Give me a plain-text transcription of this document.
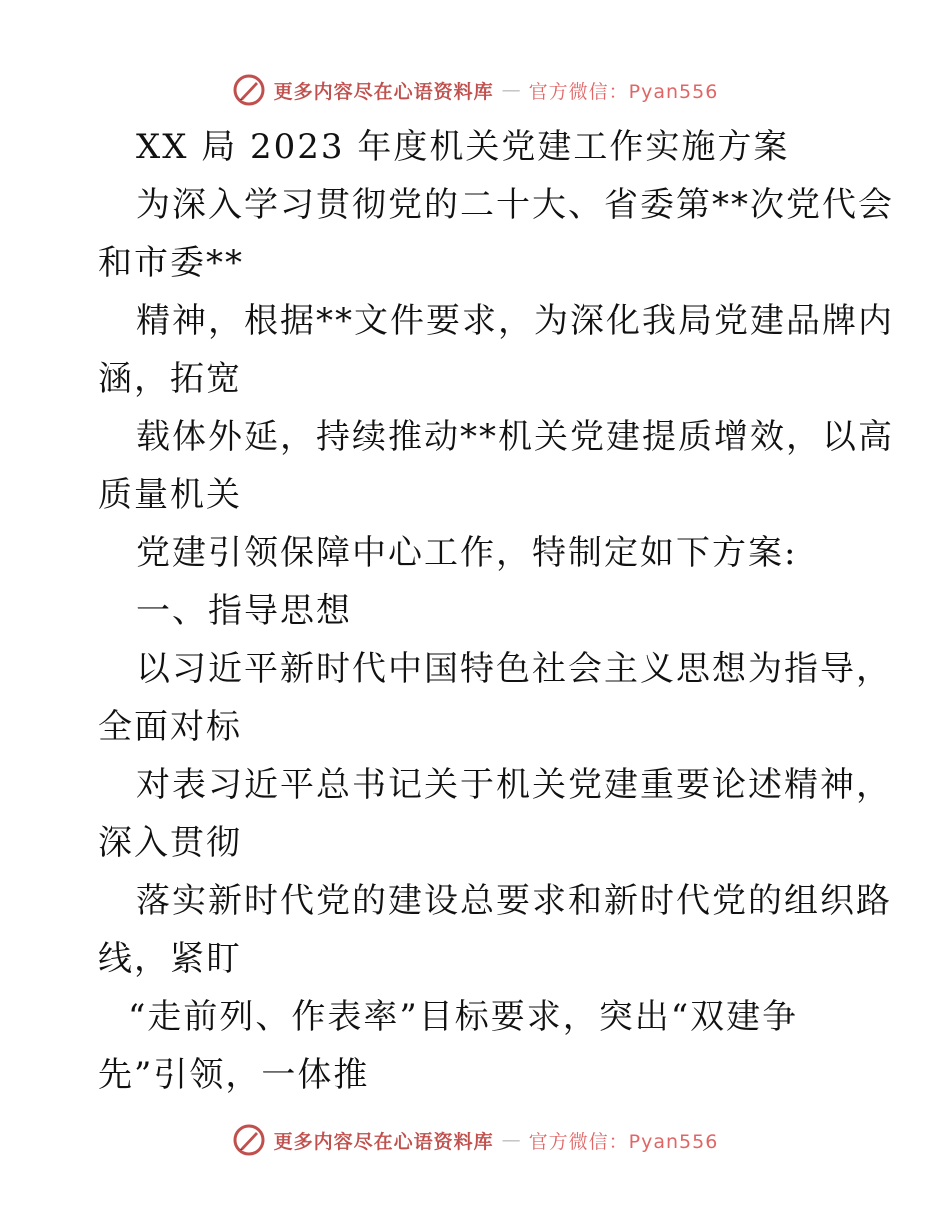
更多内容尽在心语资料库 — 官方微信：Pyan556
XX 局 2023 年度机关党建工作实施方案
为深入学习贯彻党的二十大、省委第**次党代会
和市委**
精神，根据**文件要求，为深化我局党建品牌内
涵，拓宽
载体外延，持续推动**机关党建提质增效，以高
质量机关
党建引领保障中心工作，特制定如下方案:
一、指导思想
以习近平新时代中国特色社会主义思想为指导，
全面对标
对表习近平总书记关于机关党建重要论述精神，
深入贯彻
落实新时代党的建设总要求和新时代党的组织路
线，紧盯
“走前列、作表率”目标要求，突出“双建争
先”引领，一体推
更多内容尽在心语资料库 — 官方微信：Pyan556
